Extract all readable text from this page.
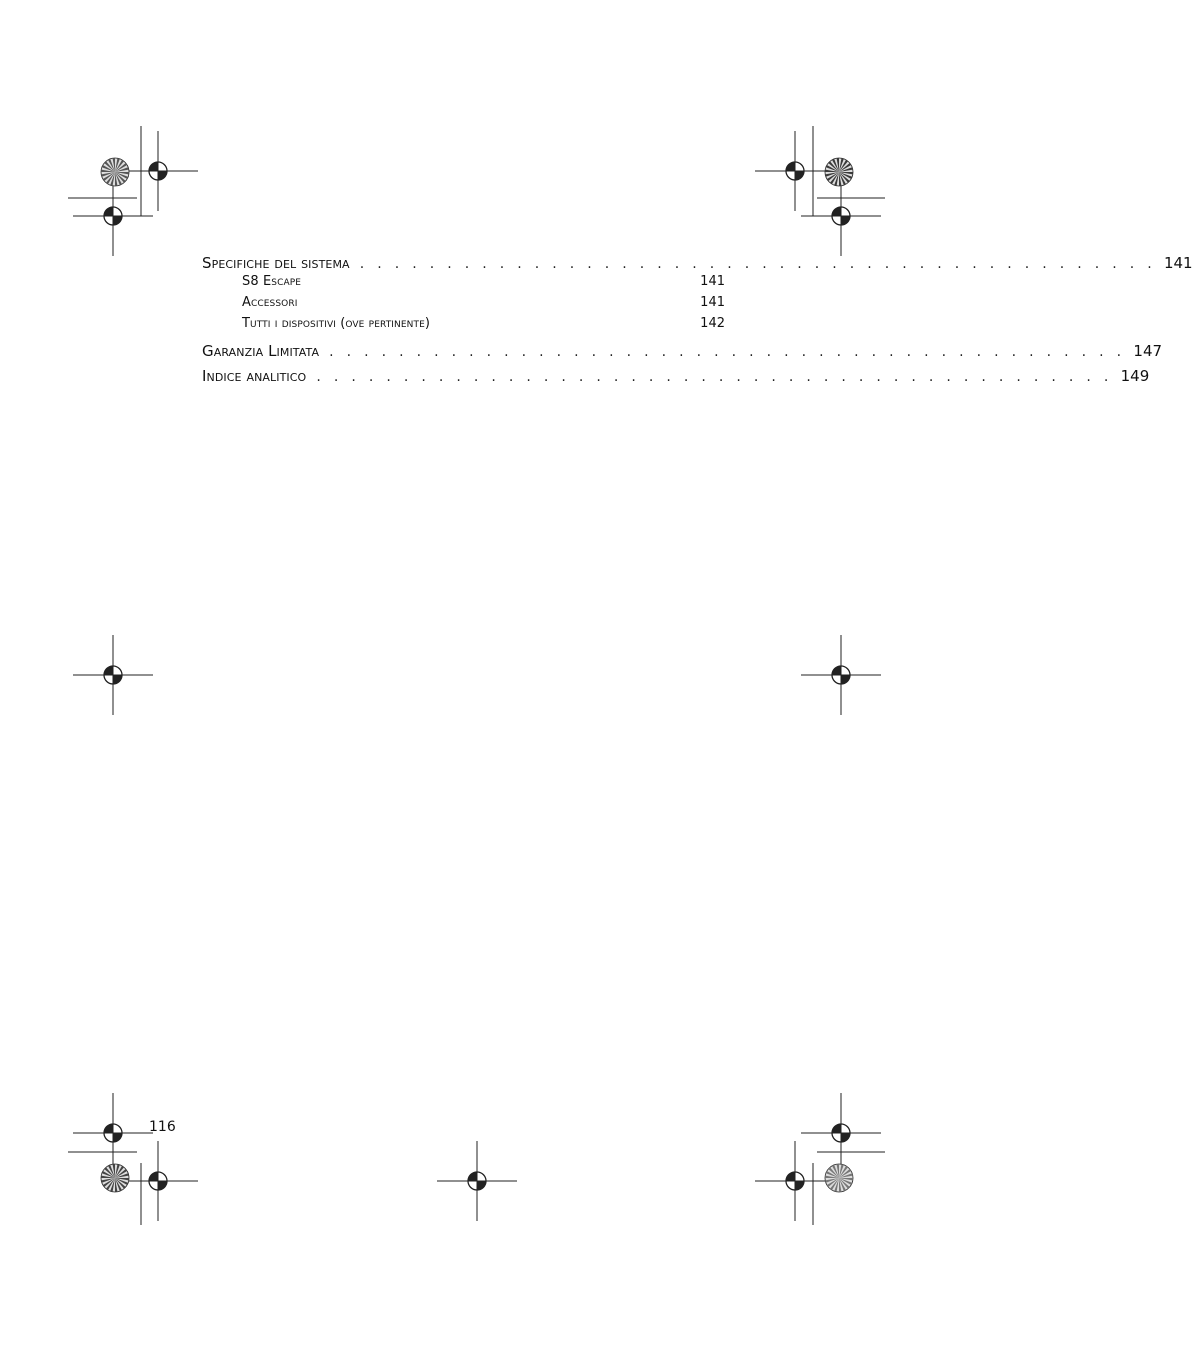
Specifiche del sistema . . . . . . . . . . . . . . . . . . . . . . . . . . . . . . . . . . . . . . . . . . . . . . 141
S8 Escape	141
Accessori	141
Tutti i dispositivi (ove pertinente)	142
Garanzia Limitata . . . . . . . . . . . . . . . . . . . . . . . . . . . . . . . . . . . . . . . . . . . . . . 147
Indice analitico . . . . . . . . . . . . . . . . . . . . . . . . . . . . . . . . . . . . . . . . . . . . . . 149
116
